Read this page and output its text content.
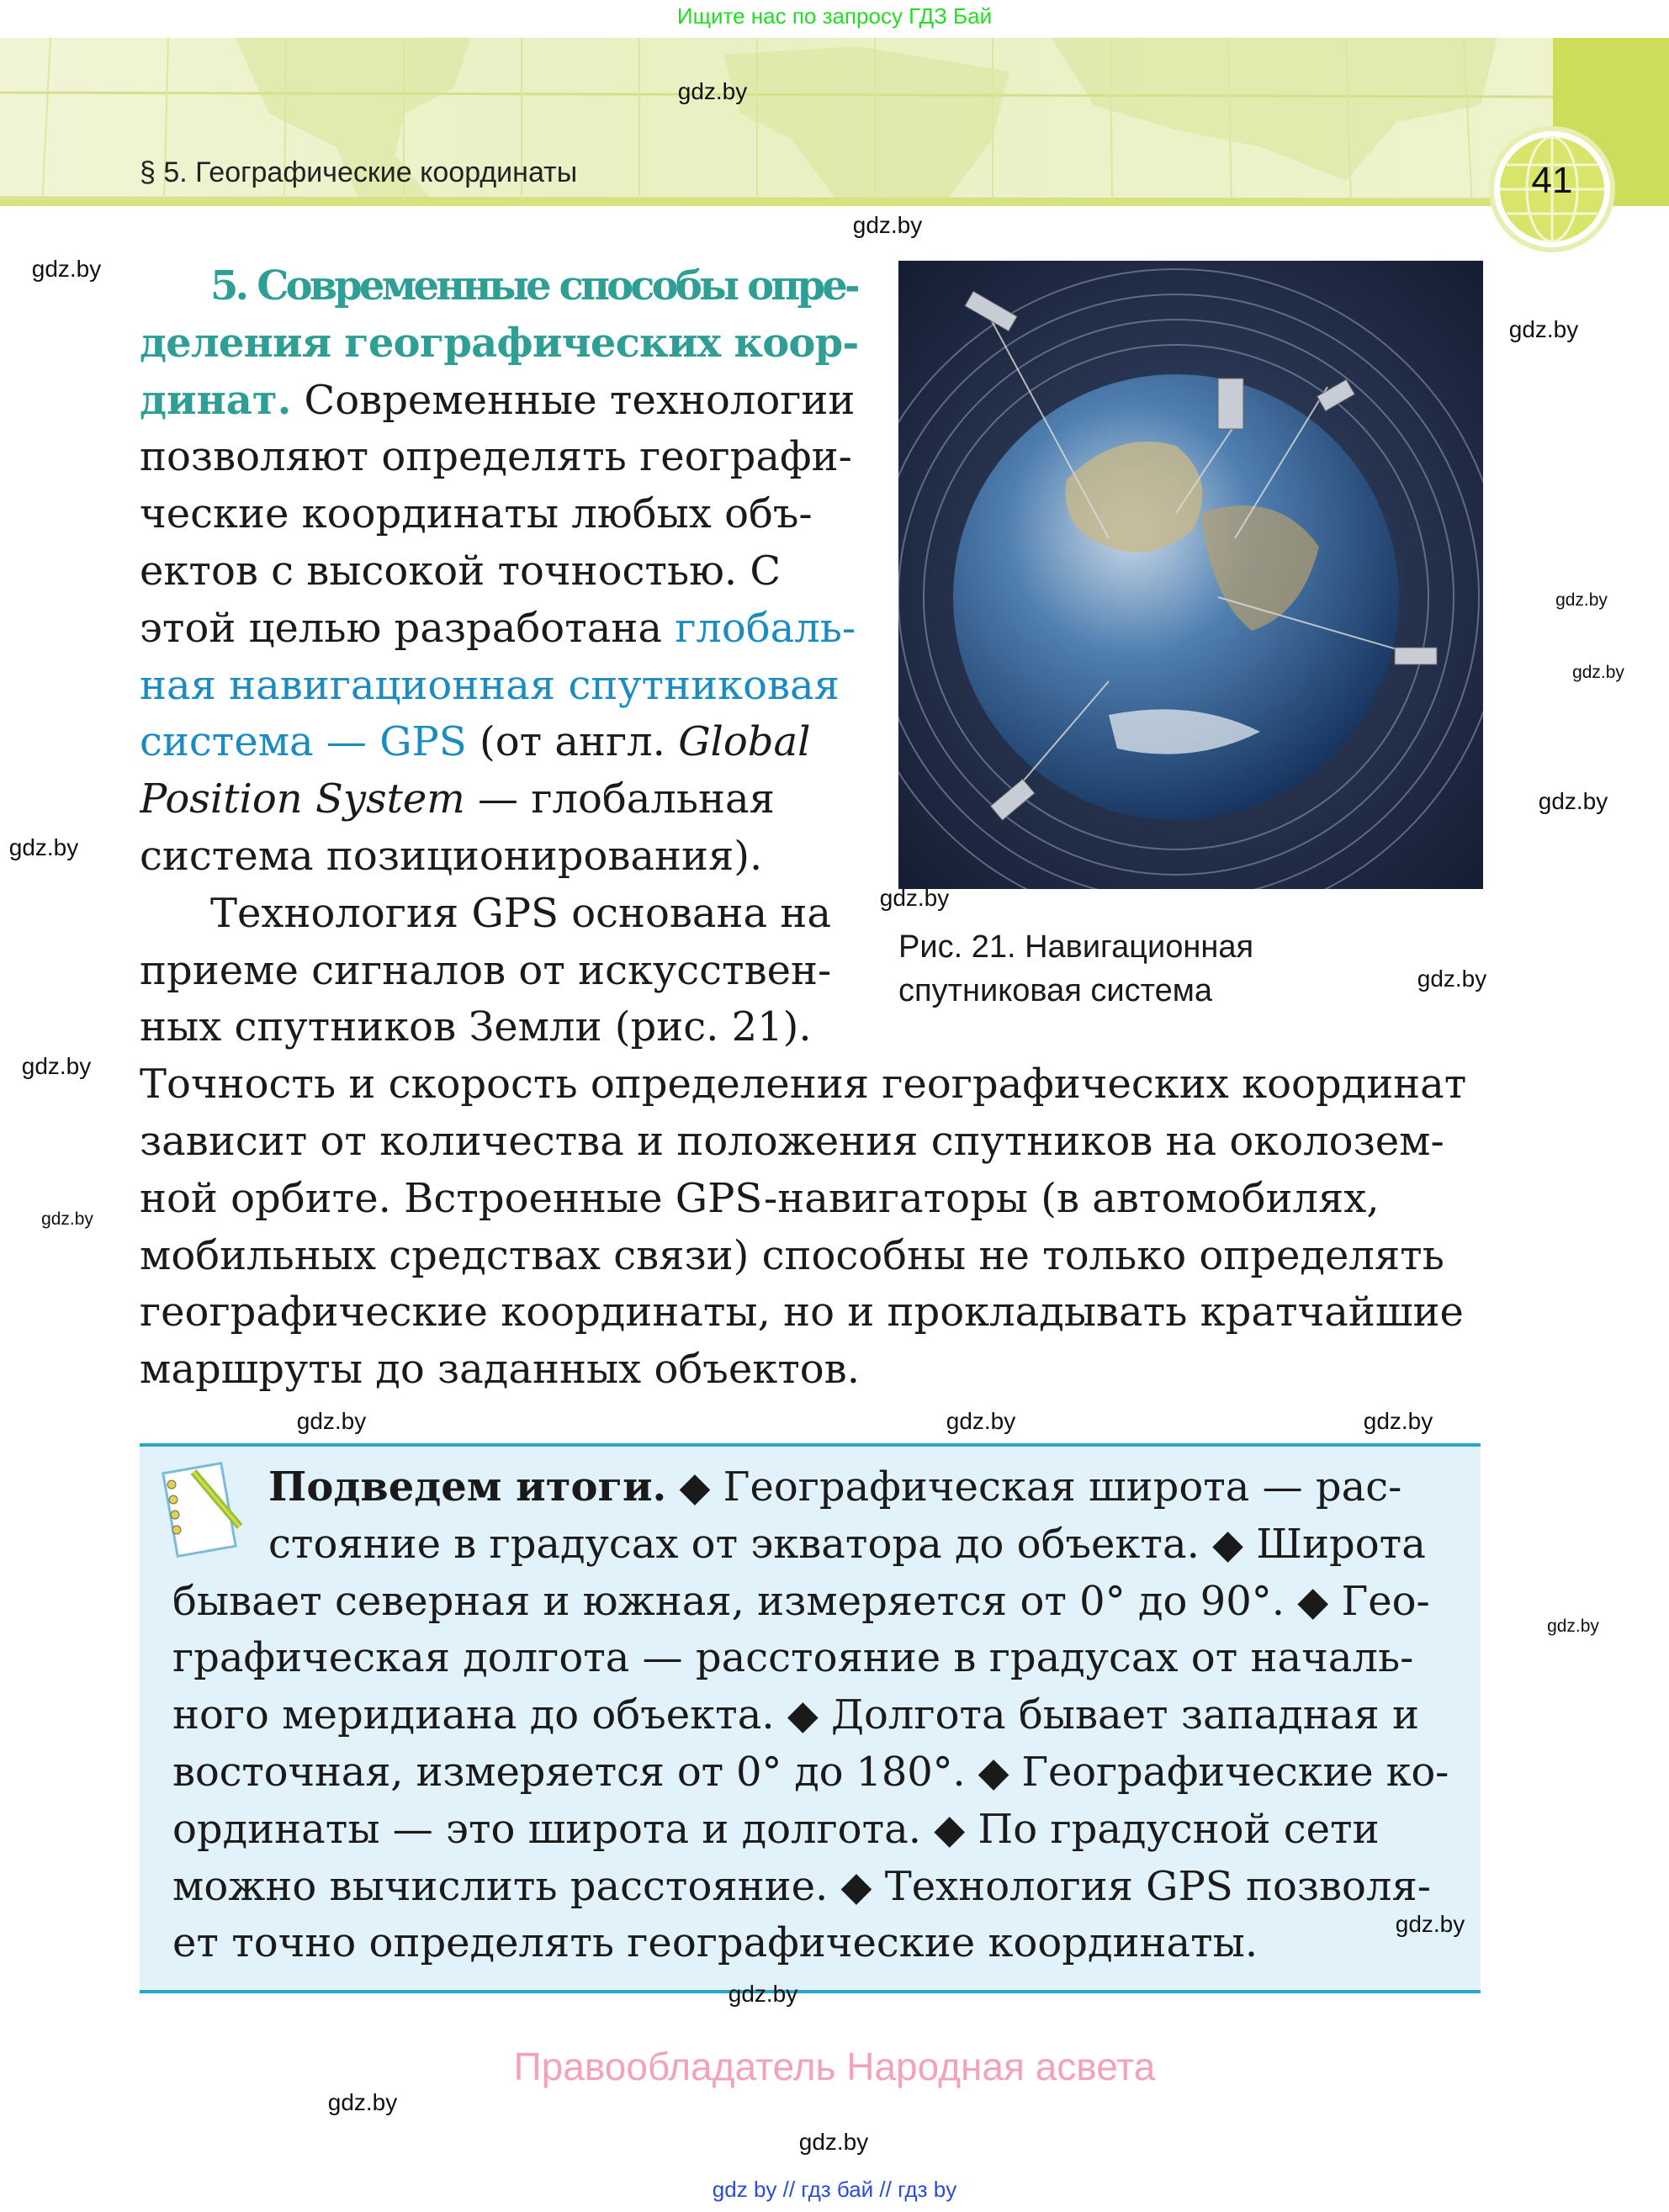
Ищите нас по запросу ГДЗ Бай
41
§ 5. Географические координаты
5. Современные способы опре-
деления географических коор-
динат. Современные технологии
позволяют определять географи-
ческие координаты любых объ-
ектов с высокой точностью. С
этой целью разработана глобаль-
ная навигационная спутниковая
система — GPS (от англ. Global
Position System — глобальная
системa позиционирования).
Технология GPS основана на
приеме сигналов от искусствен-
ных спутников Земли (рис. 21).
Точность и скорость определения географических координат
зависит от количества и положения спутников на околозем-
ной орбите. Встроенные GPS-навигаторы (в автомобилях,
мобильных средствах связи) способны не только определять
географические координаты, но и прокладывать кратчайшие
маршруты до заданных объектов.
Рис. 21. Навигационная
спутниковая система
Подведем итоги. ◆ Географическая широта — рас-
стояние в градусах от экватора до объекта. ◆ Широта
бывает северная и южная, измеряется от 0° до 90°. ◆ Гео-
графическая долгота — расстояние в градусах от началь-
ного меридиана до объекта. ◆ Долгота бывает западная и
восточная, измеряется от 0° до 180°. ◆ Географические ко-
ординаты — это широта и долгота. ◆ По градусной сети
можно вычислить расстояние. ◆ Технология GPS позволя-
ет точно определять географические координаты.
gdz.by
gdz.by
gdz.by
gdz.by
gdz.by
gdz.by
gdz.by
gdz.by
gdz.by
gdz.by
gdz.by
gdz.by
gdz.by	gdz.by
gdz.by
gdz.by
gdz.by
gdz.by
gdz.by
gdz.by
Правообладатель Народная асвета
gdz by // гдз бай // гдз by
